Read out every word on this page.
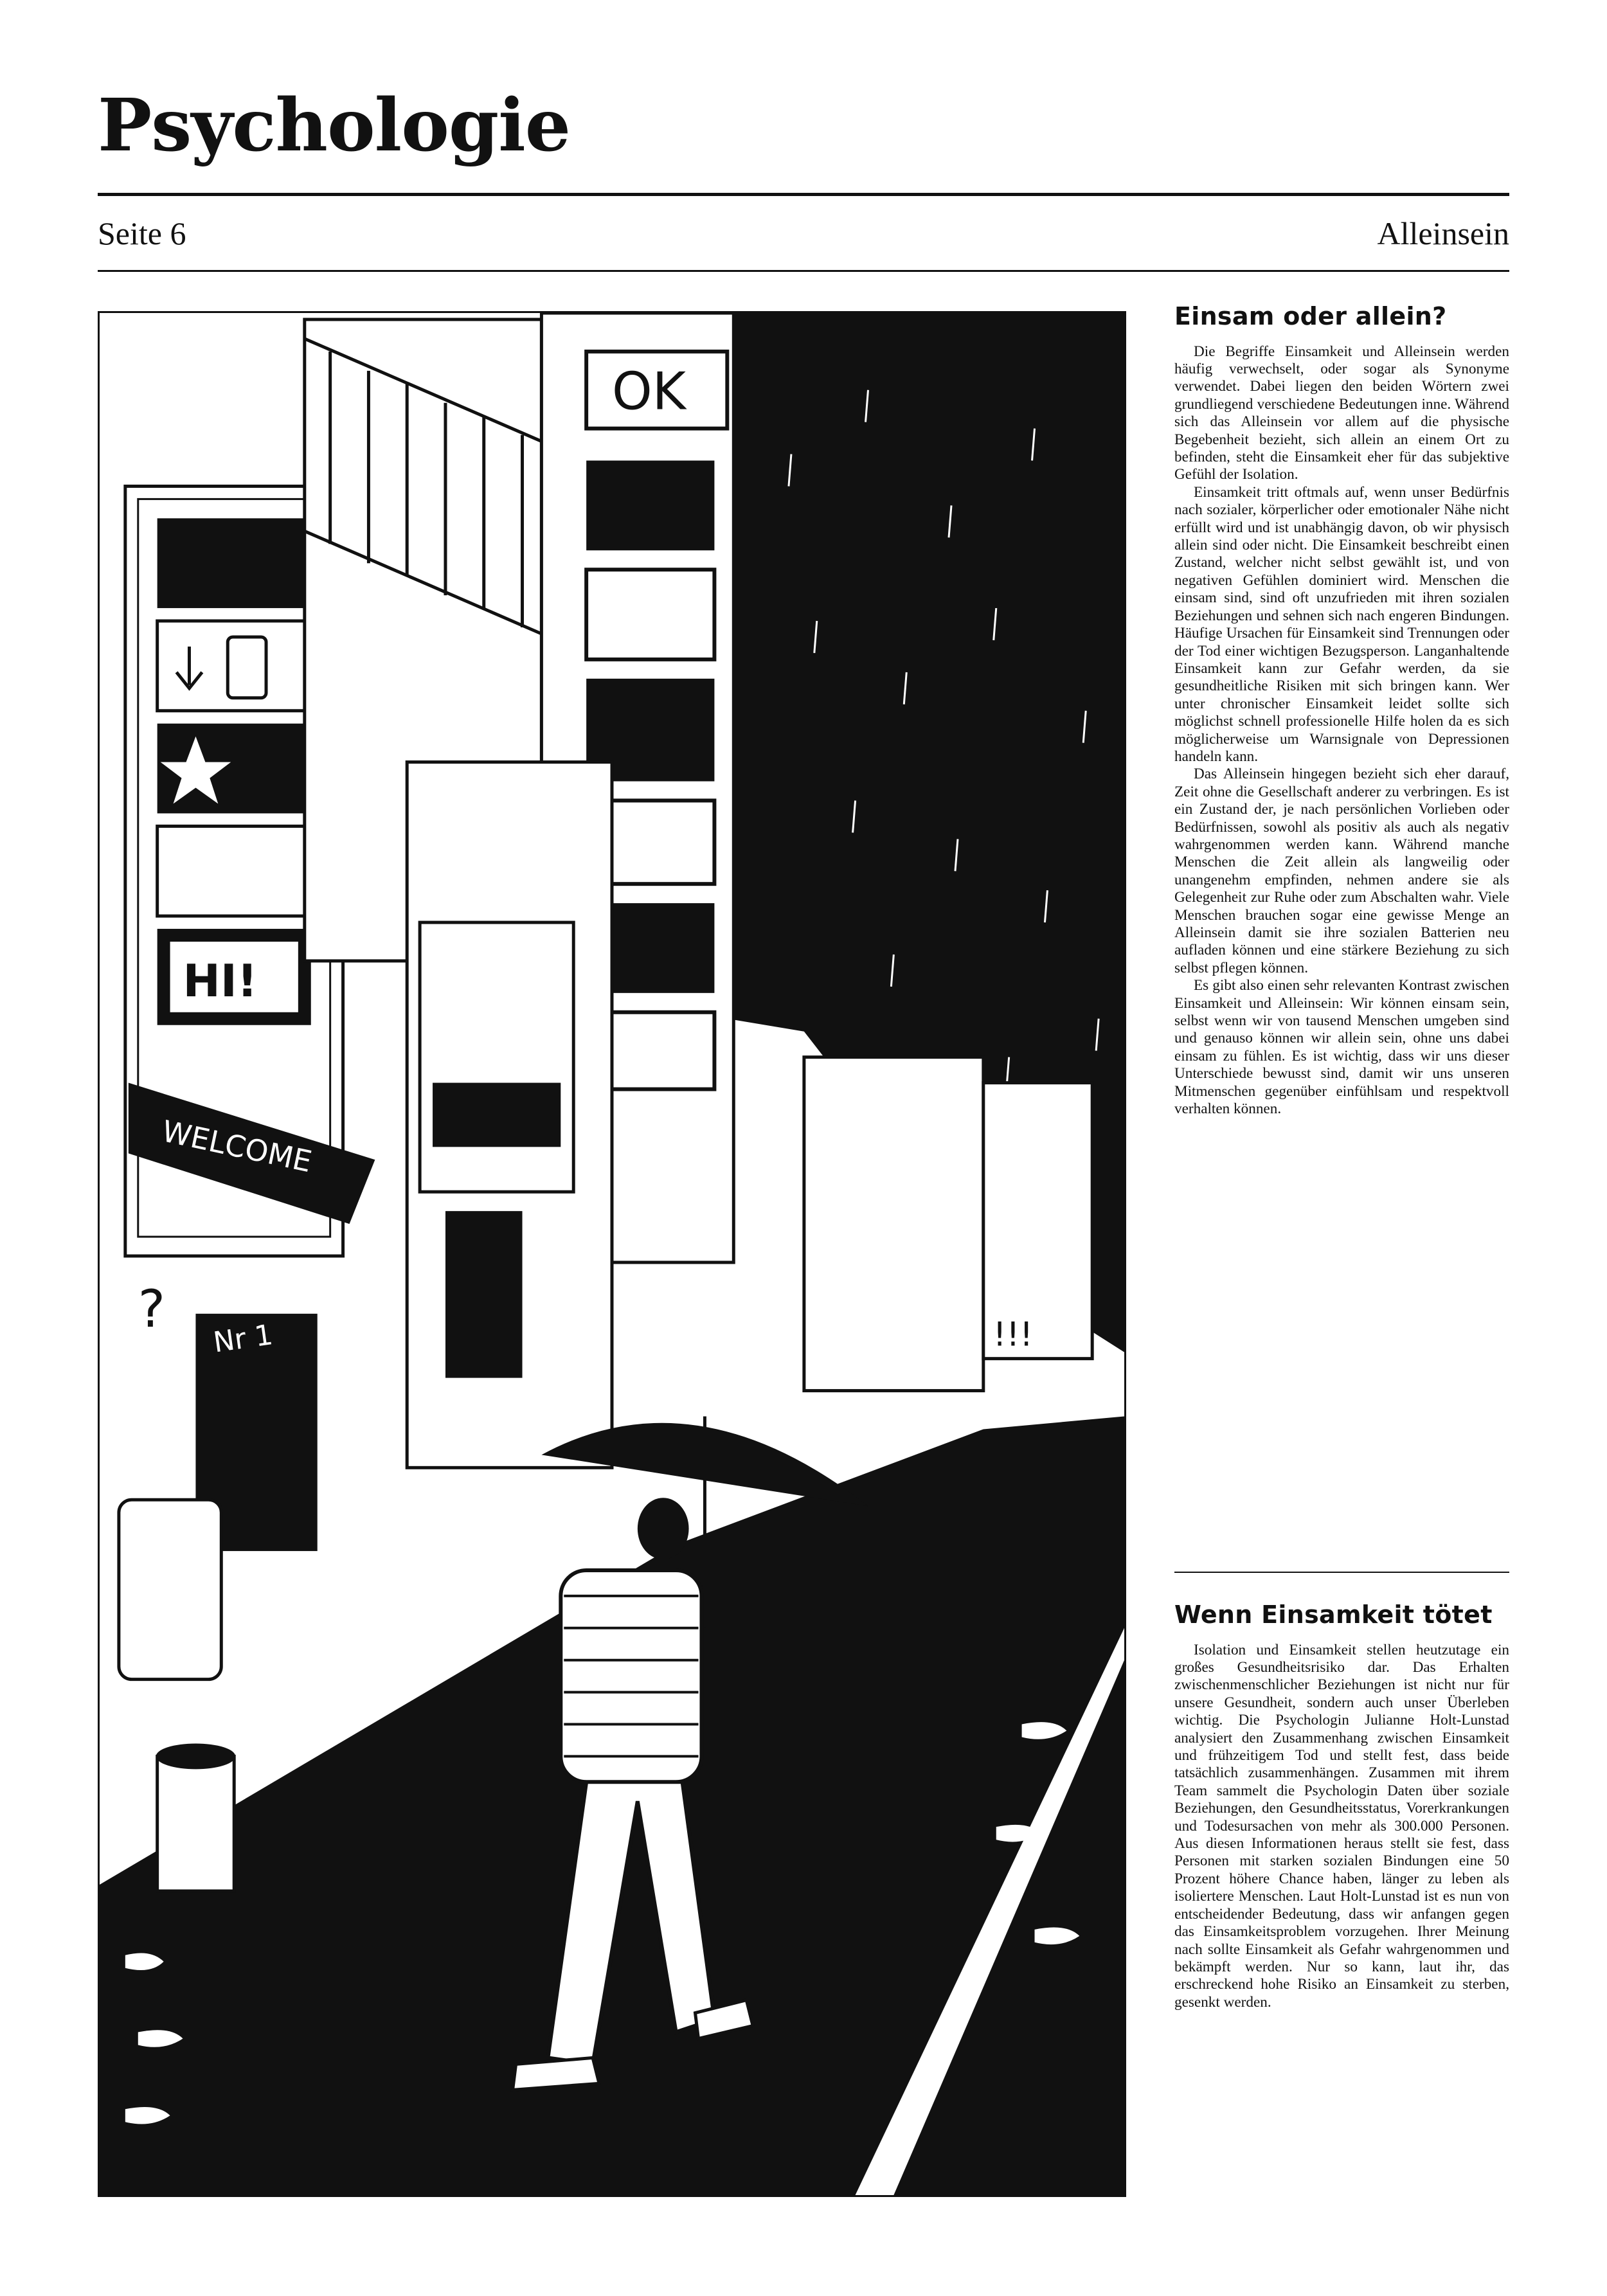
Psychologie
Seite 6	Alleinsein
HI!
WELCOME
OK
Nr 1
?	!!!
Einsam oder allein?

Die Begriffe Einsamkeit und Alleinsein werden häufig verwechselt, oder sogar als Synonyme verwendet. Dabei liegen den beiden Wörtern zwei grundliegend verschiedene Bedeutungen inne. Während sich das Alleinsein vor allem auf die physische Begebenheit bezieht, sich allein an einem Ort zu befinden, steht die Einsamkeit eher für das subjektive Gefühl der Isolation.

Einsamkeit tritt oftmals auf, wenn unser Bedürfnis nach sozialer, körperlicher oder emotionaler Nähe nicht erfüllt wird und ist unabhängig davon, ob wir physisch allein sind oder nicht. Die Einsamkeit beschreibt einen Zustand, welcher nicht selbst gewählt ist, und von negativen Gefühlen dominiert wird. Menschen die einsam sind, sind oft unzufrieden mit ihren sozialen Beziehungen und sehnen sich nach engeren Bindungen. Häufige Ursachen für Einsamkeit sind Trennungen oder der Tod einer wichtigen Bezugsperson. Langanhaltende Einsamkeit kann zur Gefahr werden, da sie gesundheitliche Risiken mit sich bringen kann. Wer unter chronischer Einsamkeit leidet sollte sich möglichst schnell professionelle Hilfe holen da es sich möglicherweise um Warnsignale von Depressionen handeln kann.

Das Alleinsein hingegen bezieht sich eher darauf, Zeit ohne die Gesellschaft anderer zu verbringen. Es ist ein Zustand der, je nach persönlichen Vorlieben oder Bedürfnissen, sowohl als positiv als auch als negativ wahrgenommen werden kann. Während manche Menschen die Zeit allein als langweilig oder unangenehm empfinden, nehmen andere sie als Gelegenheit zur Ruhe oder zum Abschalten wahr. Viele Menschen brauchen sogar eine gewisse Menge an Alleinsein damit sie ihre sozialen Batterien neu aufladen können und eine stärkere Beziehung zu sich selbst pflegen können.

Es gibt also einen sehr relevanten Kontrast zwischen Einsamkeit und Alleinsein: Wir können einsam sein, selbst wenn wir von tausend Menschen umgeben sind und genauso können wir allein sein, ohne uns dabei einsam zu fühlen. Es ist wichtig, dass wir uns dieser Unterschiede bewusst sind, damit wir uns unseren Mitmenschen gegenüber einfühlsam und respektvoll verhalten können.

Wenn Einsamkeit tötet

Isolation und Einsamkeit stellen heutzutage ein großes Gesundheitsrisiko dar. Das Erhalten zwischenmenschlicher Beziehungen ist nicht nur für unsere Gesundheit, sondern auch unser Überleben wichtig. Die Psychologin Julianne Holt-Lunstad analysiert den Zusammenhang zwischen Einsamkeit und frühzeitigem Tod und stellt fest, dass beide tatsächlich zusammenhängen. Zusammen mit ihrem Team sammelt die Psychologin Daten über soziale Beziehungen, den Gesundheitsstatus, Vorerkrankungen und Todesursachen von mehr als 300.000 Personen. Aus diesen Informationen heraus stellt sie fest, dass Personen mit starken sozialen Bindungen eine 50 Prozent höhere Chance haben, länger zu leben als isoliertere Menschen. Laut Holt-Lunstad ist es nun von entscheidender Bedeutung, dass wir anfangen gegen das Einsamkeitsproblem vorzugehen. Ihrer Meinung nach sollte Einsamkeit als Gefahr wahrgenommen und bekämpft werden. Nur so kann, laut ihr, das erschreckend hohe Risiko an Einsamkeit zu sterben, gesenkt werden.
